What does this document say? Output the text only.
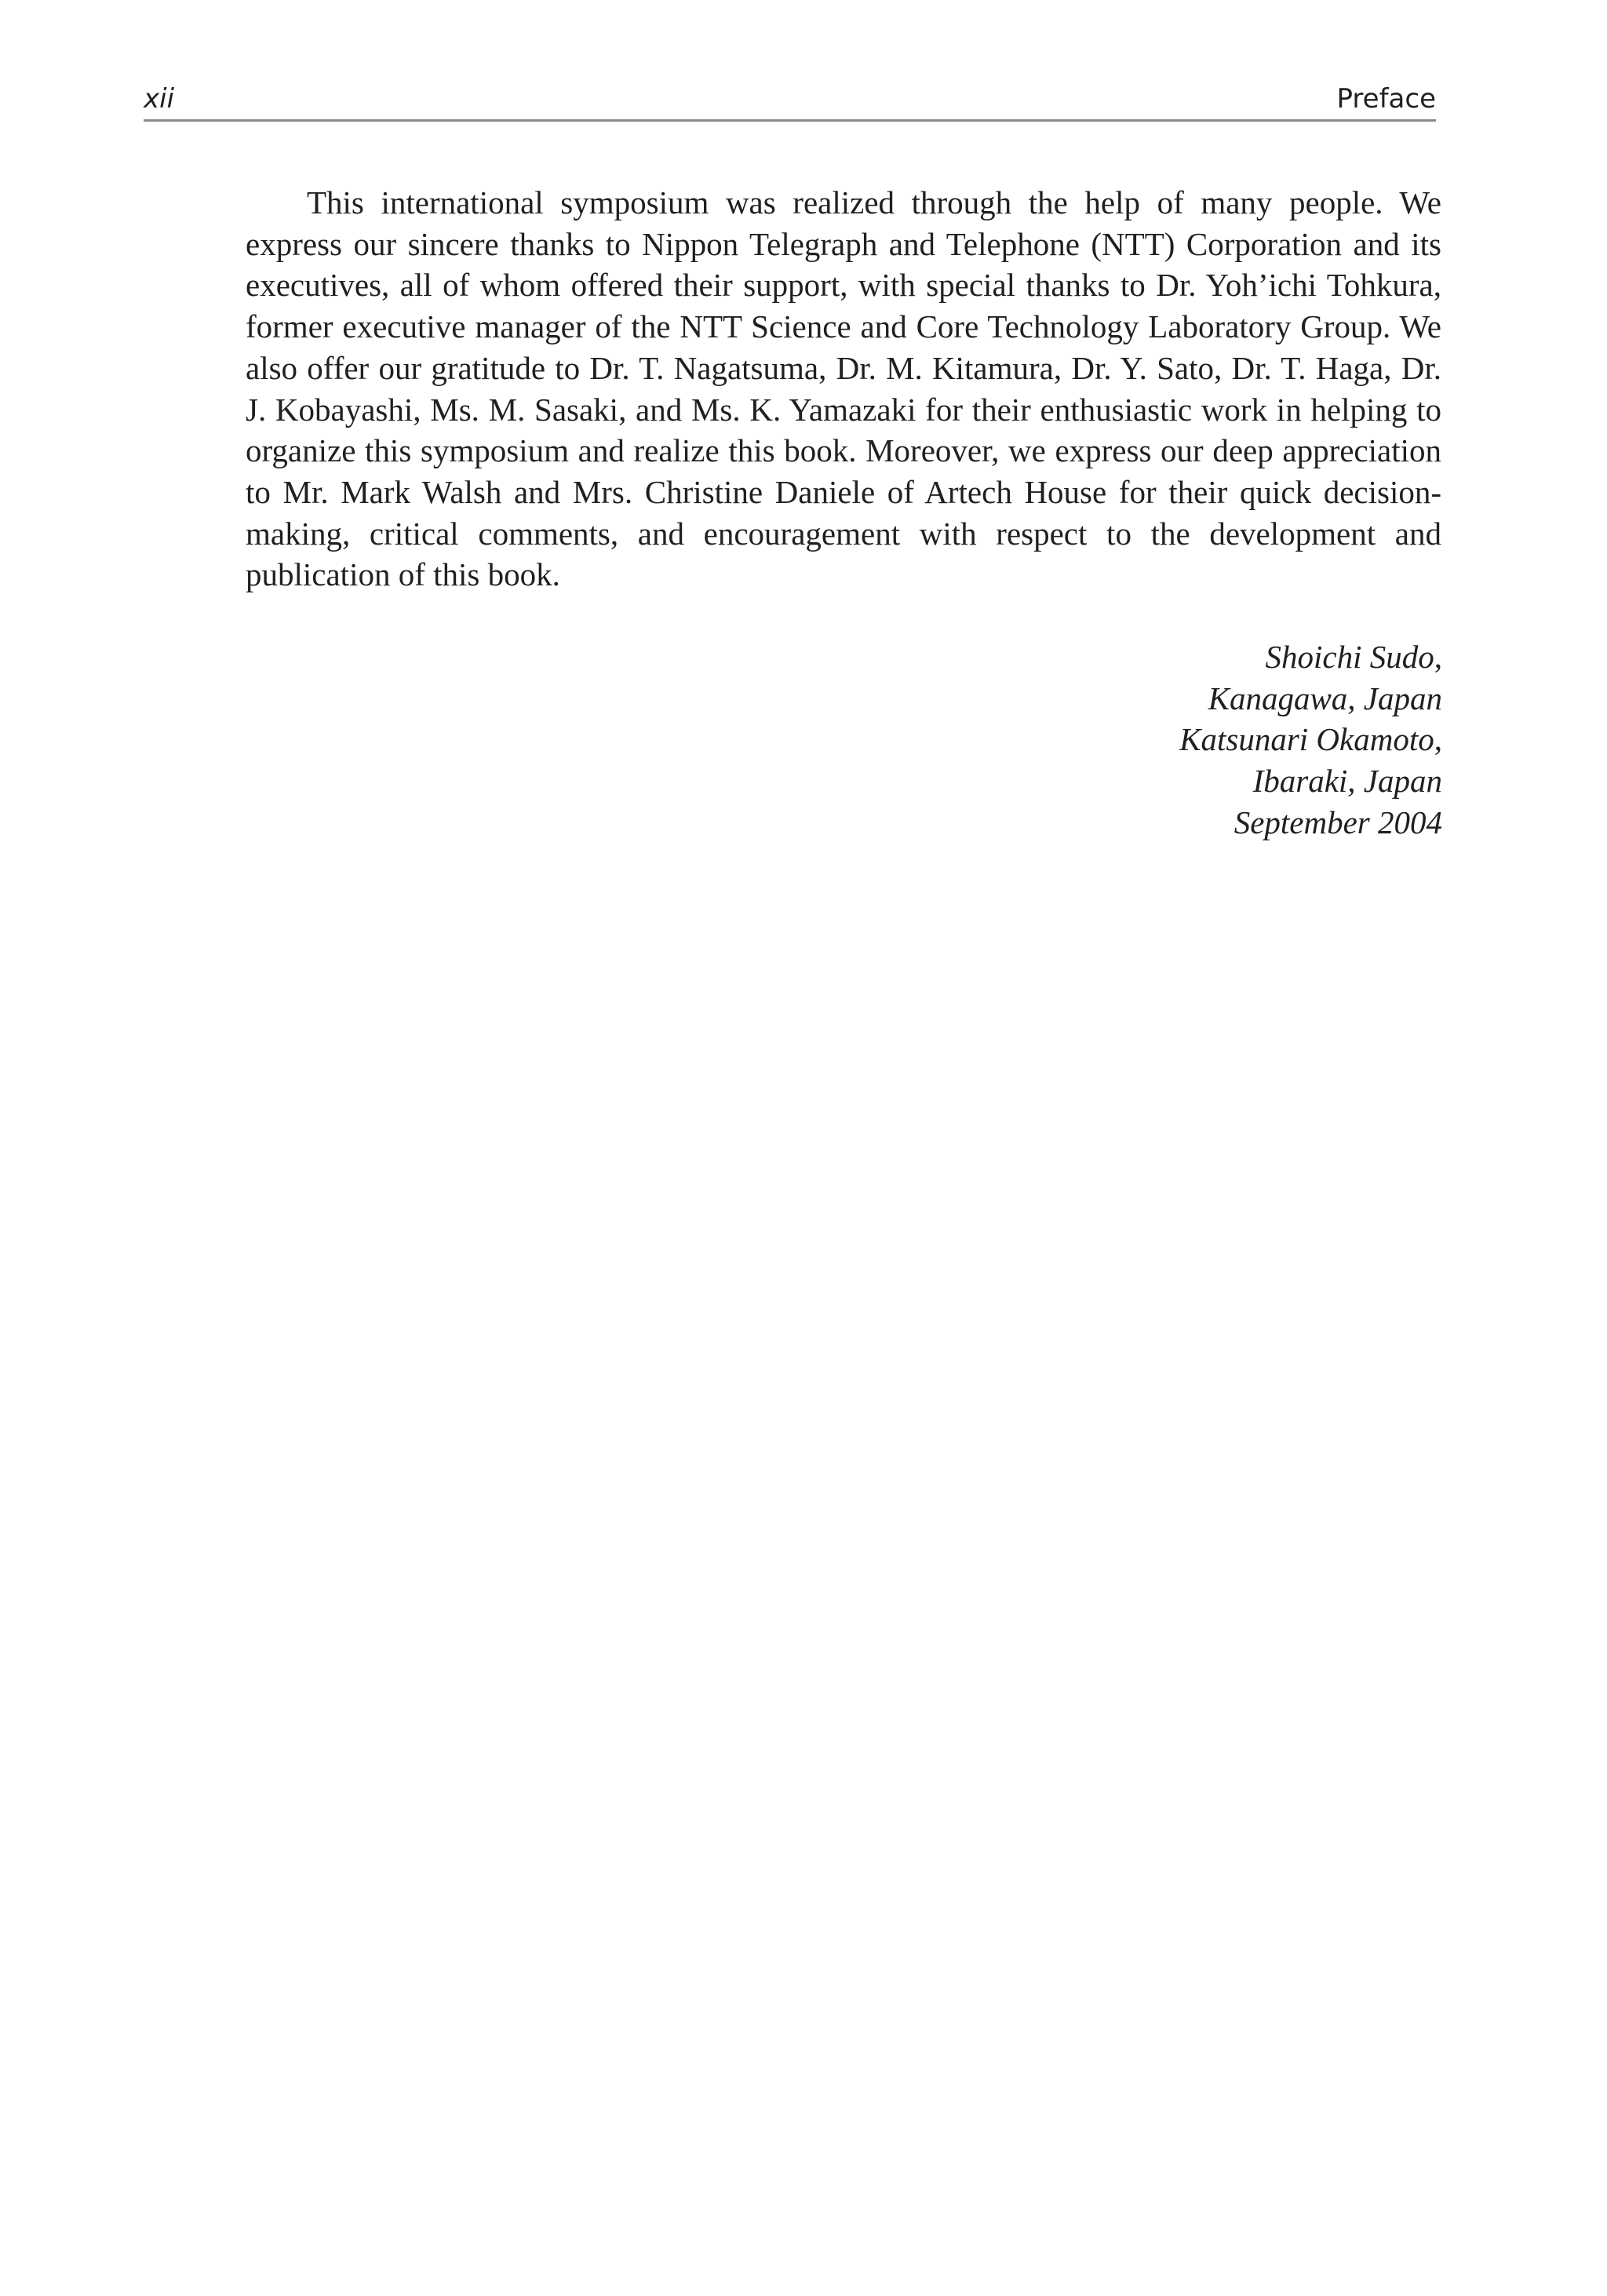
xii	Preface

This international symposium was realized through the help of many people. We express our sincere thanks to Nippon Telegraph and Telephone (NTT) Corporation and its executives, all of whom offered their support, with special thanks to Dr. Yoh’ichi Tohkura, former executive manager of the NTT Science and Core Technology Laboratory Group. We also offer our gratitude to Dr. T. Nagatsuma, Dr. M. Kitamura, Dr. Y. Sato, Dr. T. Haga, Dr. J. Kobayashi, Ms. M. Sasaki, and Ms. K. Yamazaki for their enthusiastic work in helping to organize this symposium and realize this book. Moreover, we express our deep appreciation to Mr. Mark Walsh and Mrs. Christine Daniele of Artech House for their quick decision-making, critical comments, and encouragement with respect to the development and publication of this book.

Shoichi Sudo,
Kanagawa, Japan
Katsunari Okamoto,
Ibaraki, Japan
September 2004
